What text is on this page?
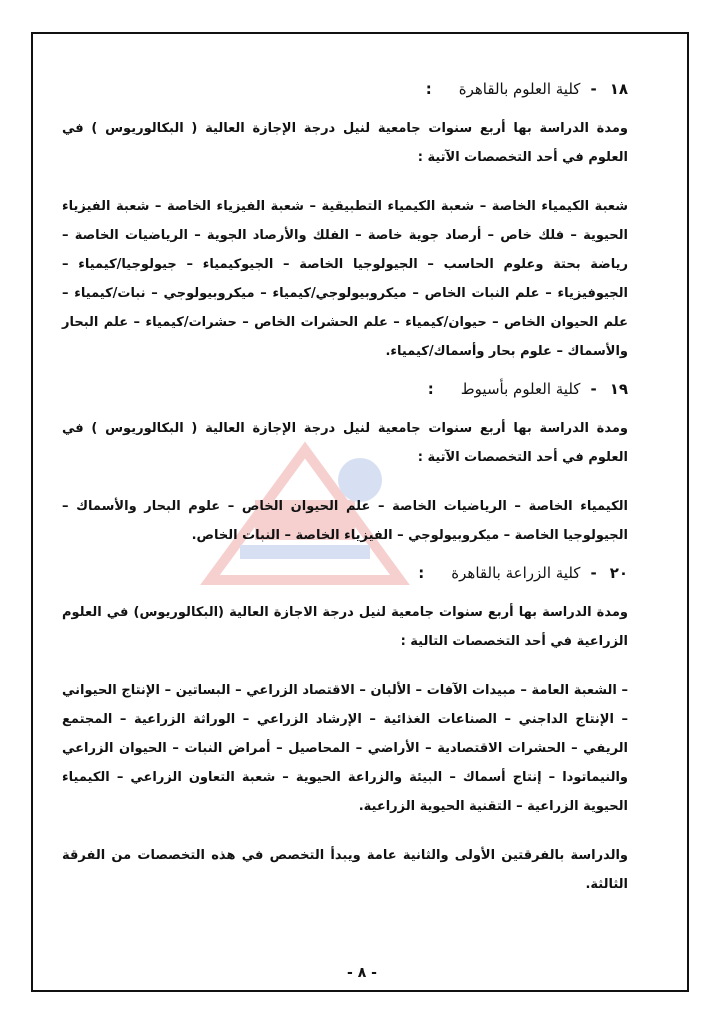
١٨
-
كلية العلوم بالقاهرة
:

ومدة الدراسة بها أربع سنوات جامعية لنيل درجة الإجازة العالية ( البكالوريوس ) في العلوم في أحد التخصصات الآتية :

شعبة الكيمياء الخاصة – شعبة الكيمياء التطبيقية – شعبة الفيزياء الخاصة – شعبة الفيزياء الحيوية – فلك خاص – أرصاد جوية خاصة – الفلك والأرصاد الجوية – الرياضيات الخاصة – رياضة بحتة وعلوم الحاسب – الجيولوجيا الخاصة – الجيوكيمياء – جيولوجيا/كيمياء – الجيوفيزياء – علم النبات الخاص – ميكروبيولوجي/كيمياء – ميكروبيولوجي – نبات/كيمياء – علم الحيوان الخاص – حيوان/كيمياء – علم الحشرات الخاص – حشرات/كيمياء – علم البحار والأسماك – علوم بحار وأسماك/كيمياء.

١٩
-
كلية العلوم بأسيوط
:

ومدة الدراسة بها أربع سنوات جامعية لنيل درجة الإجازة العالية ( البكالوريوس ) في العلوم في أحد التخصصات الآتية :

الكيمياء الخاصة – الرياضيات الخاصة – علم الحيوان الخاص – علوم البحار والأسماك – الجيولوجيا الخاصة – ميكروبيولوجي – الفيزياء الخاصة – النبات الخاص.

٢٠
-
كلية الزراعة بالقاهرة
:

ومدة الدراسة بها أربع سنوات جامعية لنيل درجة الاجازة العالية (البكالوريوس) في العلوم الزراعية في أحد التخصصات التالية :

– الشعبة العامة – مبيدات الآفات – الألبان – الاقتصاد الزراعي – البساتين – الإنتاج الحيواني – الإنتاج الداجني – الصناعات الغذائية – الإرشاد الزراعي – الوراثة الزراعية – المجتمع الريفي – الحشرات الاقتصادية – الأراضي – المحاصيل – أمراض النبات – الحيوان الزراعي والنيماتودا – إنتاج أسماك – البيئة والزراعة الحيوية – شعبة التعاون الزراعي – الكيمياء الحيوية الزراعية – التقنية الحيوية الزراعية.

والدراسة بالفرقتين الأولى والثانية عامة ويبدأ التخصص في هذه التخصصات من الفرقة الثالثة.

- ٨ -
